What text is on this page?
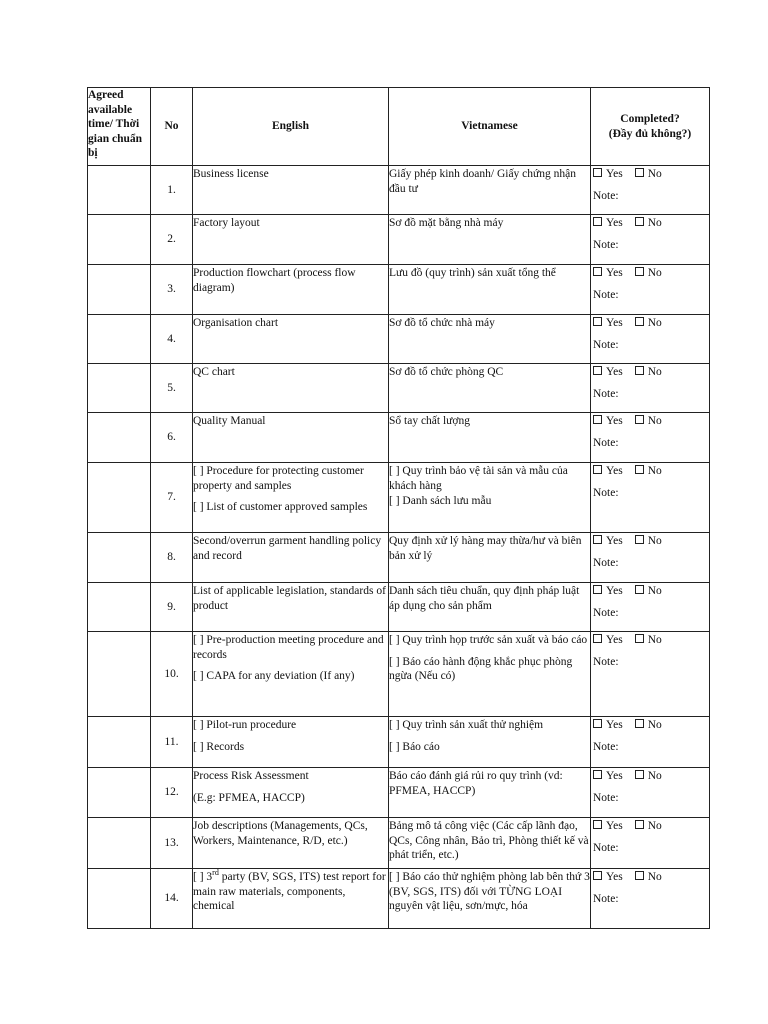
Agreed available time/ Thời gian chuẩn bị	No	English	Vietnamese	Completed?
(Đầy đủ không?)
	1.	Business license	Giấy phép kinh doanh/ Giấy chứng nhận đầu tư	Yes No
Note:

	2.	Factory layout	Sơ đồ mặt bằng nhà máy	Yes No
Note:

	3.	Production flowchart (process flow diagram)	Lưu đồ (quy trình) sản xuất tổng thể	Yes No
Note:

	4.	Organisation chart	Sơ đồ tổ chức nhà máy	Yes No
Note:

	5.	QC chart	Sơ đồ tổ chức phòng QC	Yes No
Note:

	6.	Quality Manual	Sổ tay chất lượng	Yes No
Note:

	7.	[ ] Procedure for protecting customer property and samples
[ ] List of customer approved samples	[ ] Quy trình bảo vệ tài sản và mẫu của khách hàng
[ ] Danh sách lưu mẫu	Yes No
Note:

	8.	Second/overrun garment handling policy and record	Quy định xử lý hàng may thừa/hư và biên bản xử lý	Yes No
Note:

	9.	List of applicable legislation, standards of product	Danh sách tiêu chuẩn, quy định pháp luật áp dụng cho sản phẩm	Yes No
Note:

	10.	[ ] Pre-production meeting procedure and records
[ ] CAPA for any deviation (If any)	[ ] Quy trình họp trước sản xuất và báo cáo
[ ] Báo cáo hành động khắc phục phòng ngừa (Nếu có)	Yes No
Note:

	11.	[ ] Pilot-run procedure
[ ] Records	[ ] Quy trình sản xuất thử nghiệm
[ ] Báo cáo	Yes No
Note:

	12.	Process Risk Assessment
(E.g: PFMEA, HACCP)	Báo cáo đánh giá rủi ro quy trình (vd: PFMEA, HACCP)	Yes No
Note:

	13.	Job descriptions (Managements, QCs, Workers, Maintenance, R/D, etc.)	Bảng mô tả công việc (Các cấp lãnh đạo, QCs, Công nhân, Bảo trì, Phòng thiết kế và phát triển, etc.)	Yes No
Note:

	14.	[ ] 3rd party (BV, SGS, ITS) test report for main raw materials, components, chemical	[ ] Báo cáo thử nghiệm phòng lab bên thứ 3 (BV, SGS, ITS) đối với TỪNG LOẠI nguyên vật liệu, sơn/mực, hóa	Yes No
Note:
